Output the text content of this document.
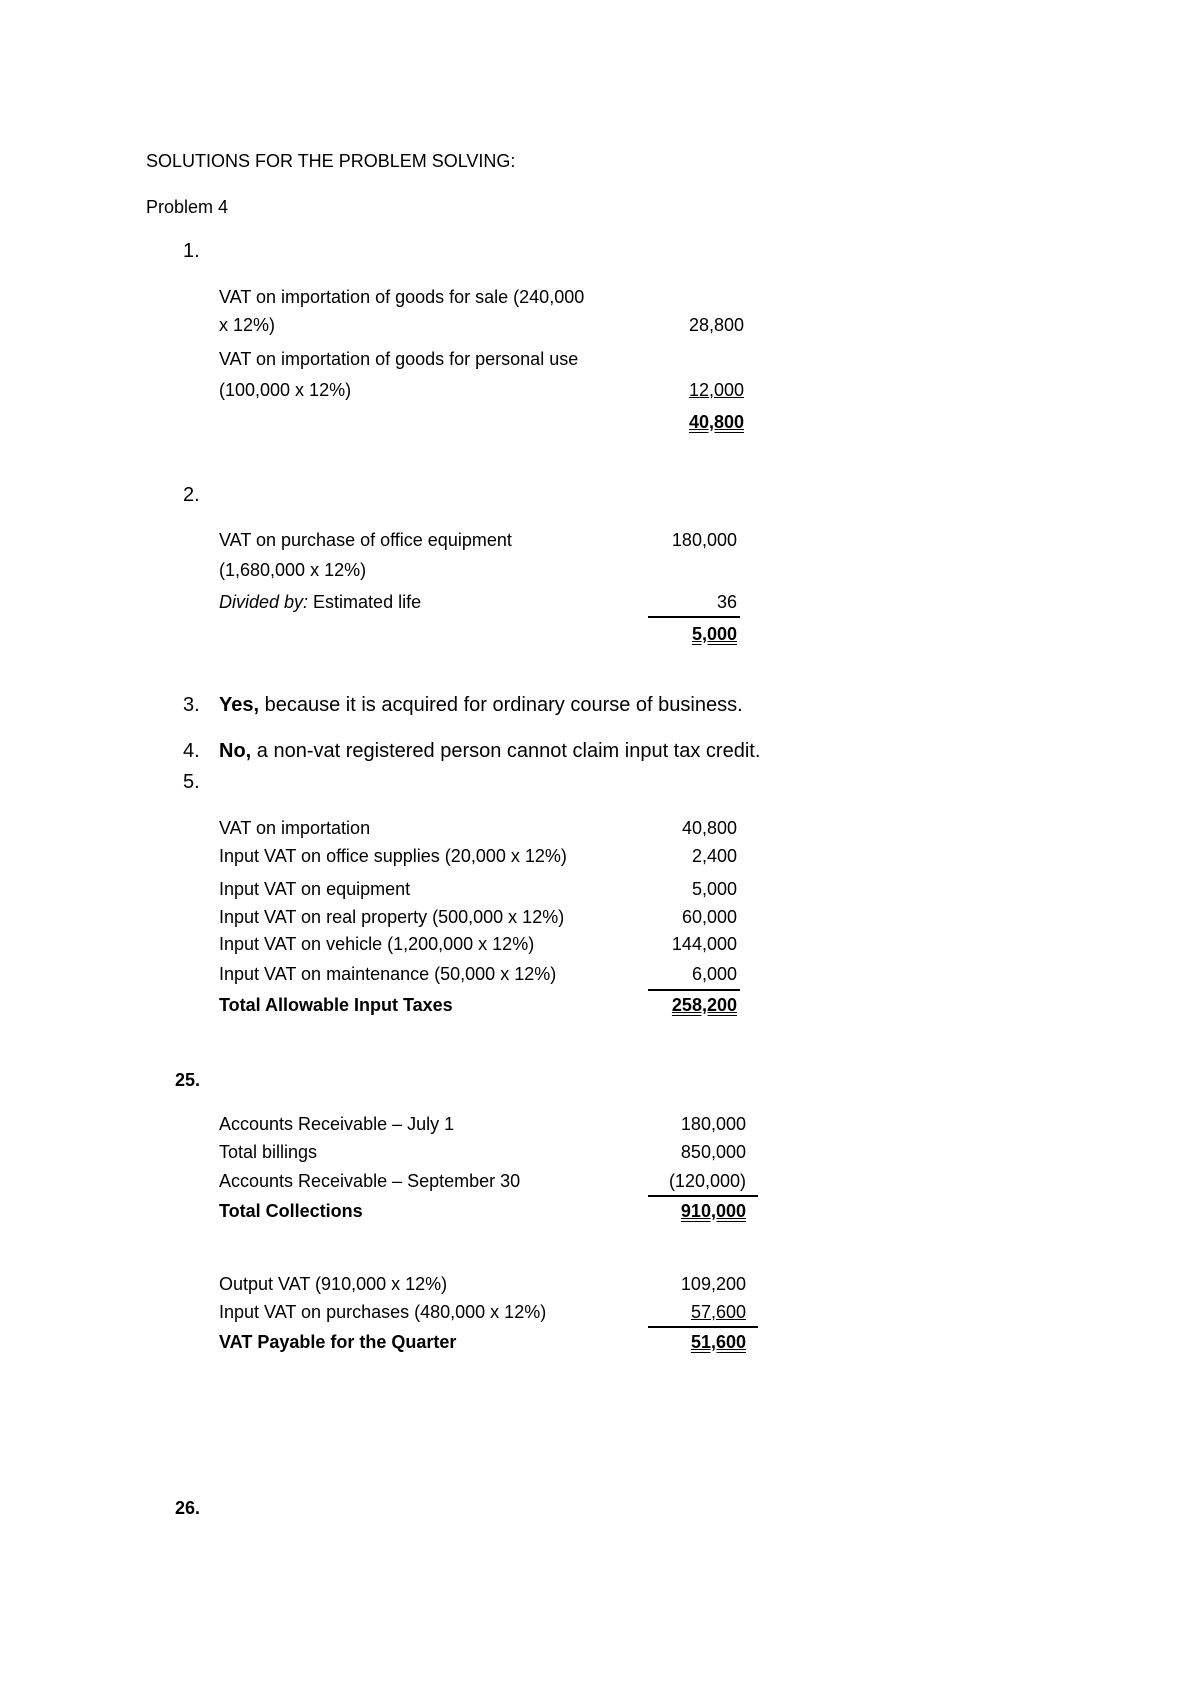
SOLUTIONS FOR THE PROBLEM SOLVING:
Problem 4
1.
VAT on importation of goods for sale (240,000
x 12%)	28,800
VAT on importation of goods for personal use
(100,000 x 12%)	12,000
40,800
2.
VAT on purchase of office equipment	180,000
(1,680,000 x 12%)
Divided by: Estimated life	36
5,000
3. Yes, because it is acquired for ordinary course of business.
4. No, a non-vat registered person cannot claim input tax credit.
5.
VAT on importation	40,800
Input VAT on office supplies (20,000 x 12%)	2,400
Input VAT on equipment	5,000
Input VAT on real property (500,000 x 12%)	60,000
Input VAT on vehicle (1,200,000 x 12%)	144,000
Input VAT on maintenance (50,000 x 12%)	6,000
Total Allowable Input Taxes	258,200
25.
Accounts Receivable – July 1	180,000
Total billings	850,000
Accounts Receivable – September 30	(120,000)
Total Collections	910,000
Output VAT (910,000 x 12%)	109,200
Input VAT on purchases (480,000 x 12%)	57,600
VAT Payable for the Quarter	51,600
26.
